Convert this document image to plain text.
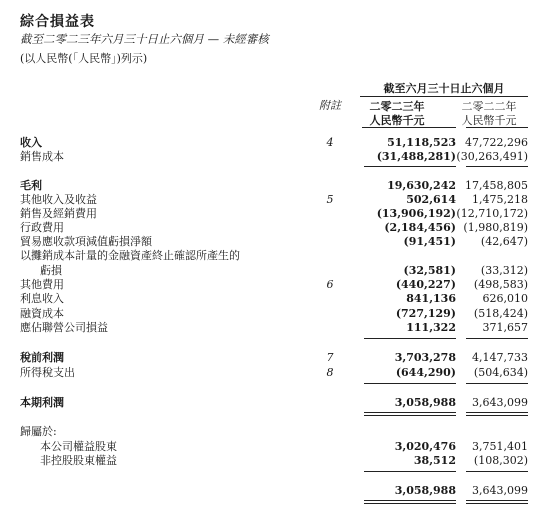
綜合損益表
截至二零二三年六月三十日止六個月 — 未經審核
(以人民幣(「人民幣」)列示)
截至六月三十日止六個月
附註	二零二三年	二零二二年
人民幣千元	人民幣千元
收入	4	51,118,523 47,722,296
銷售成本	(31,488,281) (30,263,491)
毛利	19,630,242 17,458,805
其他收入及收益	5	502,614 1,475,218
銷售及經銷費用	(13,906,192) (12,710,172)
行政費用	(2,184,456) (1,980,819)
貿易應收款項減值虧損淨額	(91,451) (42,647)
以攤銷成本計量的金融資產終止確認所產生的
虧損	(32,581) (33,312)
其他費用	6	(440,227) (498,583)
利息收入	841,136 626,010
融資成本	(727,129) (518,424)
應佔聯營公司損益	111,322 371,657
稅前利潤	7	3,703,278 4,147,733
所得稅支出	8	(644,290) (504,634)
本期利潤	3,058,988 3,643,099
歸屬於:
本公司權益股東	3,020,476 3,751,401
非控股股東權益	38,512 (108,302)
3,058,988 3,643,099
